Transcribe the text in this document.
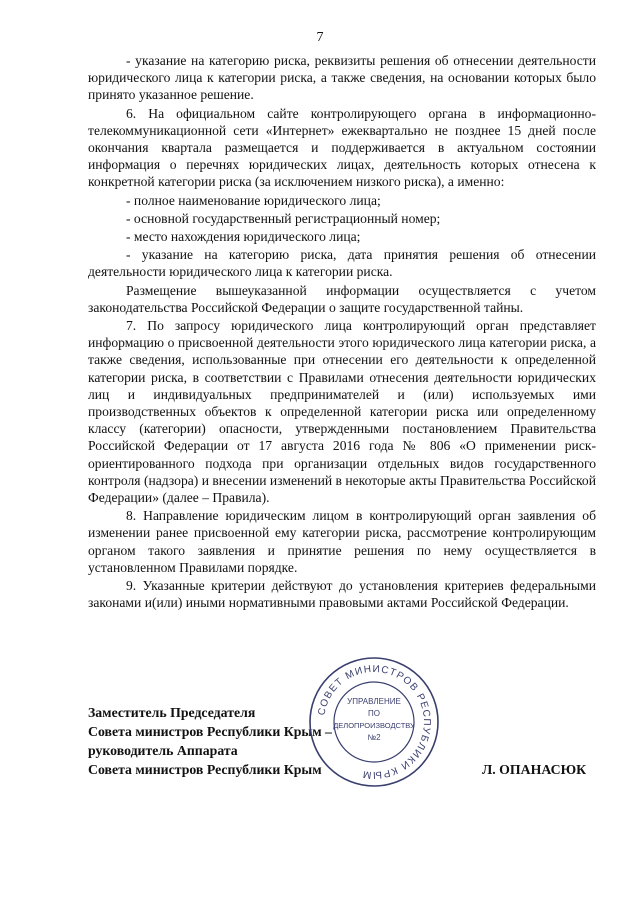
7

- указание на категорию риска, реквизиты решения об отнесении деятельности юридического лица к категории риска, а также сведения, на основании которых было принято указанное решение.

6. На официальном сайте контролирующего органа в информационно-телекоммуникационной сети «Интернет» ежеквартально не позднее 15 дней после окончания квартала размещается и поддерживается в актуальном состоянии информация о перечнях юридических лицах, деятельность которых отнесена к конкретной категории риска (за исключением низкого риска), а именно:

- полное наименование юридического лица;

- основной государственный регистрационный номер;

- место нахождения юридического лица;

- указание на категорию риска, дата принятия решения об отнесении деятельности юридического лица к категории риска.

Размещение вышеуказанной информации осуществляется с учетом законодательства Российской Федерации о защите государственной тайны.

7. По запросу юридического лица контролирующий орган представляет информацию о присвоенной деятельности этого юридического лица категории риска, а также сведения, использованные при отнесении его деятельности к определенной категории риска, в соответствии с Правилами отнесения деятельности юридических лиц и индивидуальных предпринимателей и (или) используемых ими производственных объектов к определенной категории риска или определенному классу (категории) опасности, утвержденными постановлением Правительства Российской Федерации от 17 августа 2016 года № 806 «О применении риск-ориентированного подхода при организации отдельных видов государственного контроля (надзора) и внесении изменений в некоторые акты Правительства Российской Федерации» (далее – Правила).

8. Направление юридическим лицом в контролирующий орган заявления об изменении ранее присвоенной ему категории риска, рассмотрение контролирующим органом такого заявления и принятие решения по нему осуществляется в установленном Правилами порядке.

9. Указанные критерии действуют до установления критериев федеральными законами и(или) иными нормативными правовыми актами Российской Федерации.

Заместитель Председателя
Совета министров Республики Крым –
руководитель Аппарата
Совета министров Республики Крым	Л. ОПАНАСЮК
СОВЕТ МИНИСТРОВ РЕСПУБЛИКИ КРЫМ
УПРАВЛЕНИЕ
ПО
ДЕЛОПРОИЗВОДСТВУ
№2
